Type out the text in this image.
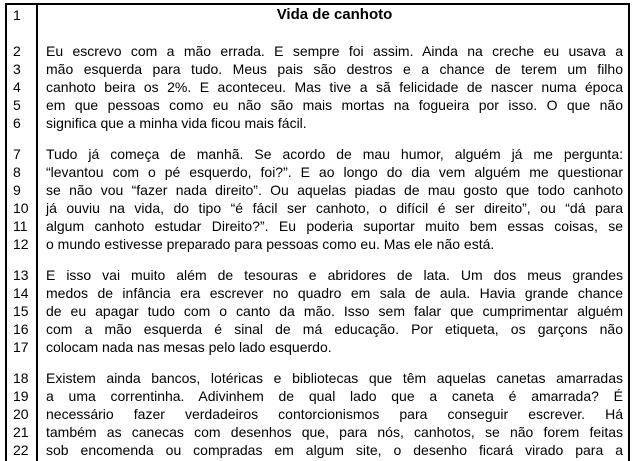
1
2
3
4
5
6
7
8
9
10
11
12
13
14
15
16
17
18
19
20
21
22
Vida de canhoto
Eu escrevo com a mão errada. E sempre foi assim. Ainda na creche eu usava a
mão esquerda para tudo. Meus pais são destros e a chance de terem um filho
canhoto beira os 2%. E aconteceu. Mas tive a sã felicidade de nascer numa época
em que pessoas como eu não são mais mortas na fogueira por isso. O que não
significa que a minha vida ficou mais fácil.
Tudo já começa de manhã. Se acordo de mau humor, alguém já me pergunta:
“levantou com o pé esquerdo, foi?”. E ao longo do dia vem alguém me questionar
se não vou “fazer nada direito”. Ou aquelas piadas de mau gosto que todo canhoto
já ouviu na vida, do tipo “é fácil ser canhoto, o difícil é ser direito”, ou “dá para
algum canhoto estudar Direito?”. Eu poderia suportar muito bem essas coisas, se
o mundo estivesse preparado para pessoas como eu. Mas ele não está.
E isso vai muito além de tesouras e abridores de lata. Um dos meus grandes
medos de infância era escrever no quadro em sala de aula. Havia grande chance
de eu apagar tudo com o canto da mão. Isso sem falar que cumprimentar alguém
com a mão esquerda é sinal de má educação. Por etiqueta, os garçons não
colocam nada nas mesas pelo lado esquerdo.
Existem ainda bancos, lotéricas e bibliotecas que têm aquelas canetas amarradas
a uma correntinha. Adivinhem de qual lado que a caneta é amarrada? É
necessário fazer verdadeiros contorcionismos para conseguir escrever. Há
também as canecas com desenhos que, para nós, canhotos, se não forem feitas
sob encomenda ou compradas em algum site, o desenho ficará virado para a
